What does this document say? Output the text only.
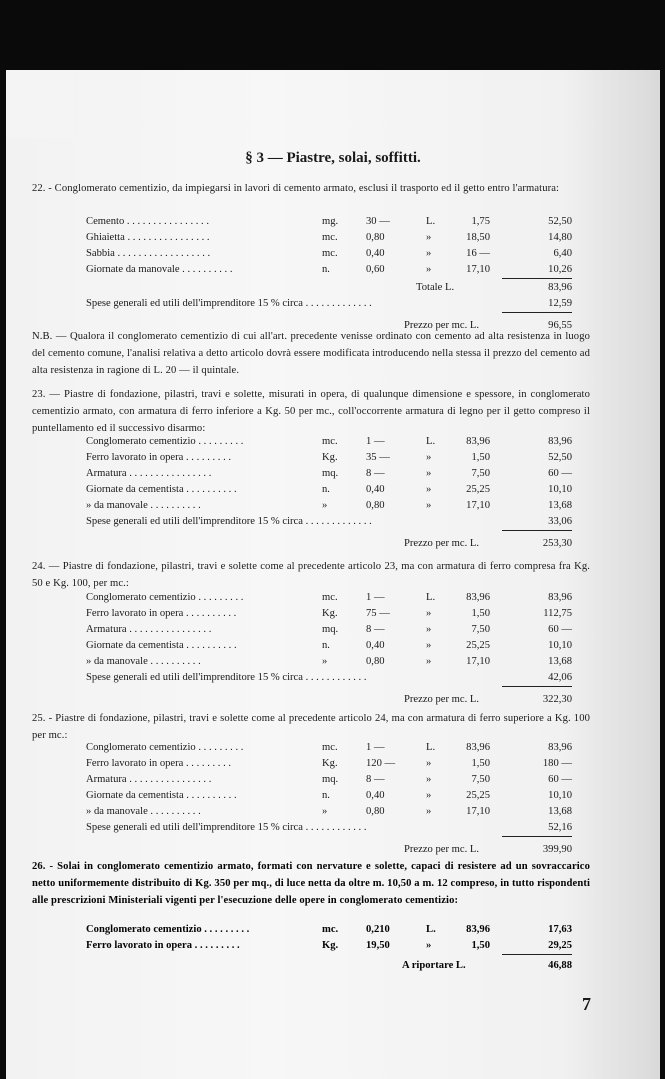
§ 3 — Piastre, solai, soffitti.

22. - Conglomerato cementizio, da impiegarsi in lavori di cemento armato, esclusi il trasporto ed il getto entro l'armatura:

Cemento . . . . . . . . . . . . . . . .	mg.	30 —	L.	1,75	52,50
Ghiaietta . . . . . . . . . . . . . . . .	mc.	0,80	»	18,50	14,80
Sabbia . . . . . . . . . . . . . . . . . .	mc.	0,40	»	16 —	6,40
Giornate da manovale . . . . . . . . . .	n.	0,60	»	17,10	10,26
Totale L.	83,96
Spese generali ed utili dell'imprenditore 15 % circa . . . . . . . . . . . . .	12,59
Prezzo per mc. L.	96,55

N.B. — Qualora il conglomerato cementizio di cui all'art. precedente venisse ordinato con cemento ad alta resistenza in luogo del cemento comune, l'analisi relativa a detto articolo dovrà essere modificata introducendo nella stessa il prezzo del cemento ad alta resistenza in ragione di L. 20 — il quintale.

23. — Piastre di fondazione, pilastri, travi e solette, misurati in opera, di qualunque dimensione e spessore, in conglomerato cementizio armato, con armatura di ferro inferiore a Kg. 50 per mc., coll'occorrente armatura di legno per il getto compreso il puntellamento ed il successivo disarmo:

Conglomerato cementizio . . . . . . . . .	mc.	1 —	L.	83,96	83,96
Ferro lavorato in opera . . . . . . . . .	Kg.	35 —	»	1,50	52,50
Armatura . . . . . . . . . . . . . . . .	mq.	8 —	»	7,50	60 —
Giornate da cementista . . . . . . . . . .	n.	0,40	»	25,25	10,10
» da manovale . . . . . . . . . .	»	0,80	»	17,10	13,68
Spese generali ed utili dell'imprenditore 15 % circa . . . . . . . . . . . . .	33,06
Prezzo per mc. L.	253,30

24. — Piastre di fondazione, pilastri, travi e solette come al precedente articolo 23, ma con armatura di ferro compresa fra Kg. 50 e Kg. 100, per mc.:

Conglomerato cementizio . . . . . . . . .	mc.	1 —	L.	83,96	83,96
Ferro lavorato in opera . . . . . . . . . .	Kg.	75 —	»	1,50	112,75
Armatura . . . . . . . . . . . . . . . .	mq.	8 —	»	7,50	60 —
Giornate da cementista . . . . . . . . . .	n.	0,40	»	25,25	10,10
» da manovale . . . . . . . . . .	»	0,80	»	17,10	13,68
Spese generali ed utili dell'imprenditore 15 % circa . . . . . . . . . . . .	42,06
Prezzo per mc. L.	322,30

25. - Piastre di fondazione, pilastri, travi e solette come al precedente articolo 24, ma con armatura di ferro superiore a Kg. 100 per mc.:

Conglomerato cementizio . . . . . . . . .	mc.	1 —	L.	83,96	83,96
Ferro lavorato in opera . . . . . . . . .	Kg.	120 —	»	1,50	180 —
Armatura . . . . . . . . . . . . . . . .	mq.	8 —	»	7,50	60 —
Giornate da cementista . . . . . . . . . .	n.	0,40	»	25,25	10,10
» da manovale . . . . . . . . . .	»	0,80	»	17,10	13,68
Spese generali ed utili dell'imprenditore 15 % circa . . . . . . . . . . . .	52,16
Prezzo per mc. L.	399,90

26. - Solai in conglomerato cementizio armato, formati con nervature e solette, capaci di resistere ad un sovraccarico netto uniformemente distribuito di Kg. 350 per mq., di luce netta da oltre m. 10,50 a m. 12 compreso, in tutto rispondenti alle prescrizioni Ministeriali vigenti per l'esecuzione delle opere in conglomerato cementizio:

Conglomerato cementizio . . . . . . . . .	mc.	0,210	L.	83,96	17,63
Ferro lavorato in opera . . . . . . . . .	Kg.	19,50	»	1,50	29,25
A riportare L.	46,88
7
